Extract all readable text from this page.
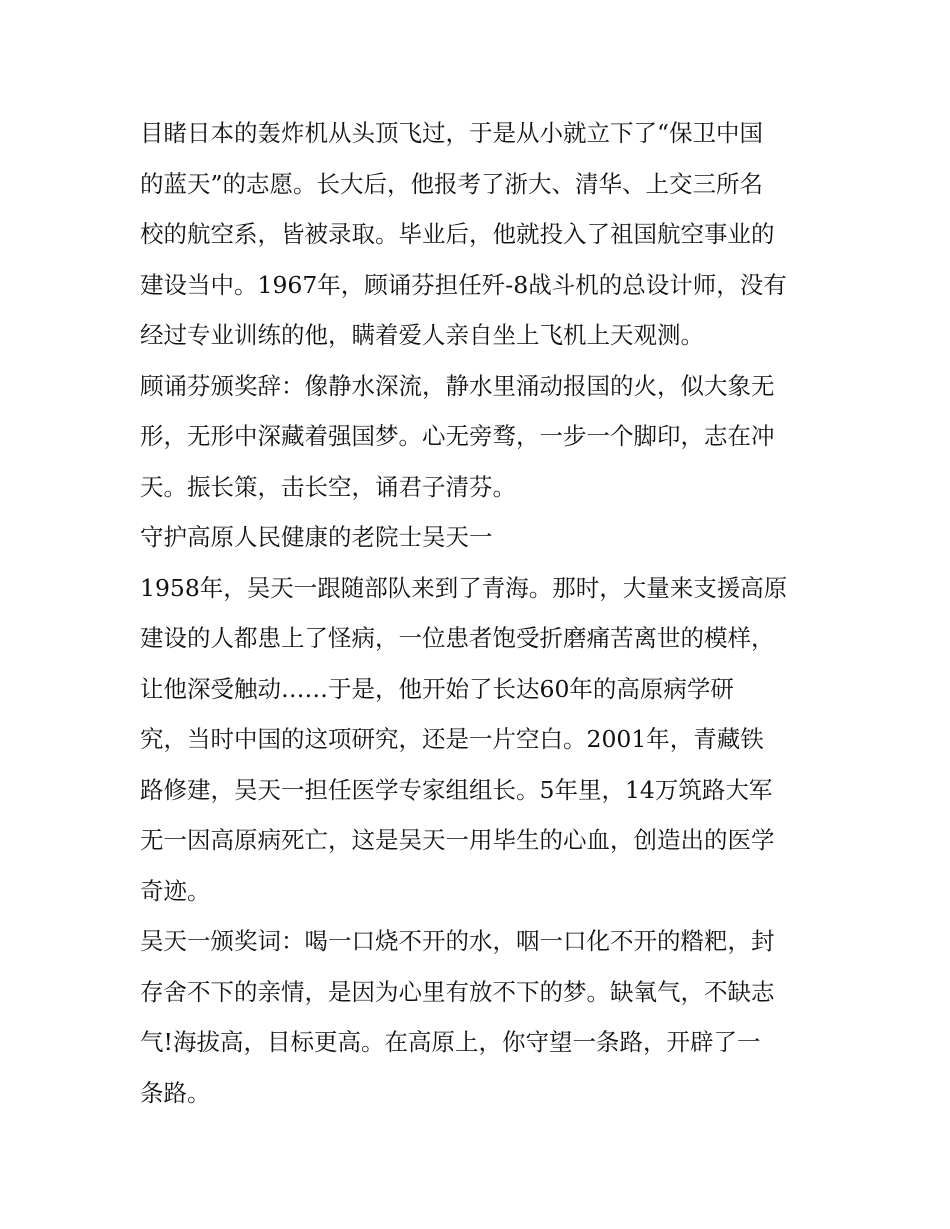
目睹日本的轰炸机从头顶飞过，于是从小就立下了“保卫中国
的蓝天”的志愿。长大后，他报考了浙大、清华、上交三所名
校的航空系，皆被录取。毕业后，他就投入了祖国航空事业的
建设当中。1967年，顾诵芬担任歼-8战斗机的总设计师，没有
经过专业训练的他，瞒着爱人亲自坐上飞机上天观测。
顾诵芬颁奖辞：像静水深流，静水里涌动报国的火，似大象无
形，无形中深藏着强国梦。心无旁骛，一步一个脚印，志在冲
天。振长策，击长空，诵君子清芬。
守护高原人民健康的老院士吴天一
1958年，吴天一跟随部队来到了青海。那时，大量来支援高原
建设的人都患上了怪病，一位患者饱受折磨痛苦离世的模样，
让他深受触动……于是，他开始了长达60年的高原病学研
究，当时中国的这项研究，还是一片空白。2001年，青藏铁
路修建，吴天一担任医学专家组组长。5年里，14万筑路大军
无一因高原病死亡，这是吴天一用毕生的心血，创造出的医学
奇迹。
吴天一颁奖词：喝一口烧不开的水，咽一口化不开的糌粑，封
存舍不下的亲情，是因为心里有放不下的梦。缺氧气，不缺志
气!海拔高，目标更高。在高原上，你守望一条路，开辟了一
条路。
